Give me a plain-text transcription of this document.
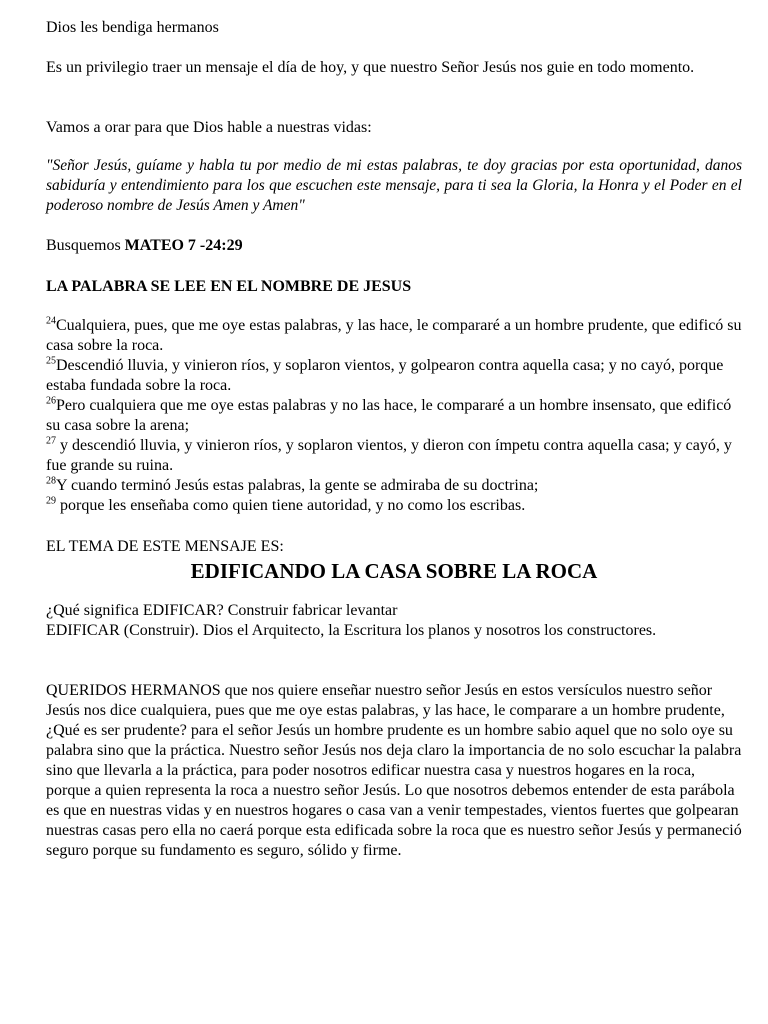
Dios les bendiga hermanos

Es un privilegio traer un mensaje el día de hoy, y que nuestro Señor Jesús nos guie en todo momento.

Vamos a orar para que Dios hable a nuestras vidas:

"Señor Jesús, guíame y habla tu por medio de mi estas palabras, te doy gracias por esta oportunidad, danos sabiduría y entendimiento para los que escuchen este mensaje, para ti sea la Gloria, la Honra y el Poder en el poderoso nombre de Jesús Amen y Amen"

Busquemos MATEO 7 -24:29

LA PALABRA SE LEE EN EL NOMBRE DE JESUS

$^{24}$Cualquiera, pues, que me oye estas palabras, y las hace, le compararé a un hombre prudente, que edificó su casa sobre la roca.
$^{25}$Descendió lluvia, y vinieron ríos, y soplaron vientos, y golpearon contra aquella casa; y no cayó, porque estaba fundada sobre la roca.
$^{26}$Pero cualquiera que me oye estas palabras y no las hace, le compararé a un hombre insensato, que edificó su casa sobre la arena;
$^{27}$ y descendió lluvia, y vinieron ríos, y soplaron vientos, y dieron con ímpetu contra aquella casa; y cayó, y fue grande su ruina.
$^{28}$Y cuando terminó Jesús estas palabras, la gente se admiraba de su doctrina;
$^{29}$ porque les enseñaba como quien tiene autoridad, y no como los escribas.

EL TEMA DE ESTE MENSAJE ES:

EDIFICANDO LA CASA SOBRE LA ROCA

¿Qué significa EDIFICAR? Construir fabricar levantar

EDIFICAR (Construir). Dios el Arquitecto, la Escritura los planos y nosotros los constructores.

QUERIDOS HERMANOS que nos quiere enseñar nuestro señor Jesús en estos versículos nuestro señor Jesús nos dice cualquiera, pues que me oye estas palabras, y las hace, le comparare a un hombre prudente, ¿Qué es ser prudente? para el señor Jesús un hombre prudente es un hombre sabio aquel que no solo oye su palabra sino que la práctica. Nuestro señor Jesús nos deja claro la importancia de no solo escuchar la palabra sino que llevarla a la práctica, para poder nosotros edificar nuestra casa y nuestros hogares en la roca, porque a quien representa la roca a nuestro señor Jesús. Lo que nosotros debemos entender de esta parábola es que en nuestras vidas y en nuestros hogares o casa van a venir tempestades, vientos fuertes que golpearan nuestras casas pero ella no caerá porque esta edificada sobre la roca que es nuestro señor Jesús y permaneció seguro porque su fundamento es seguro, sólido y firme.
